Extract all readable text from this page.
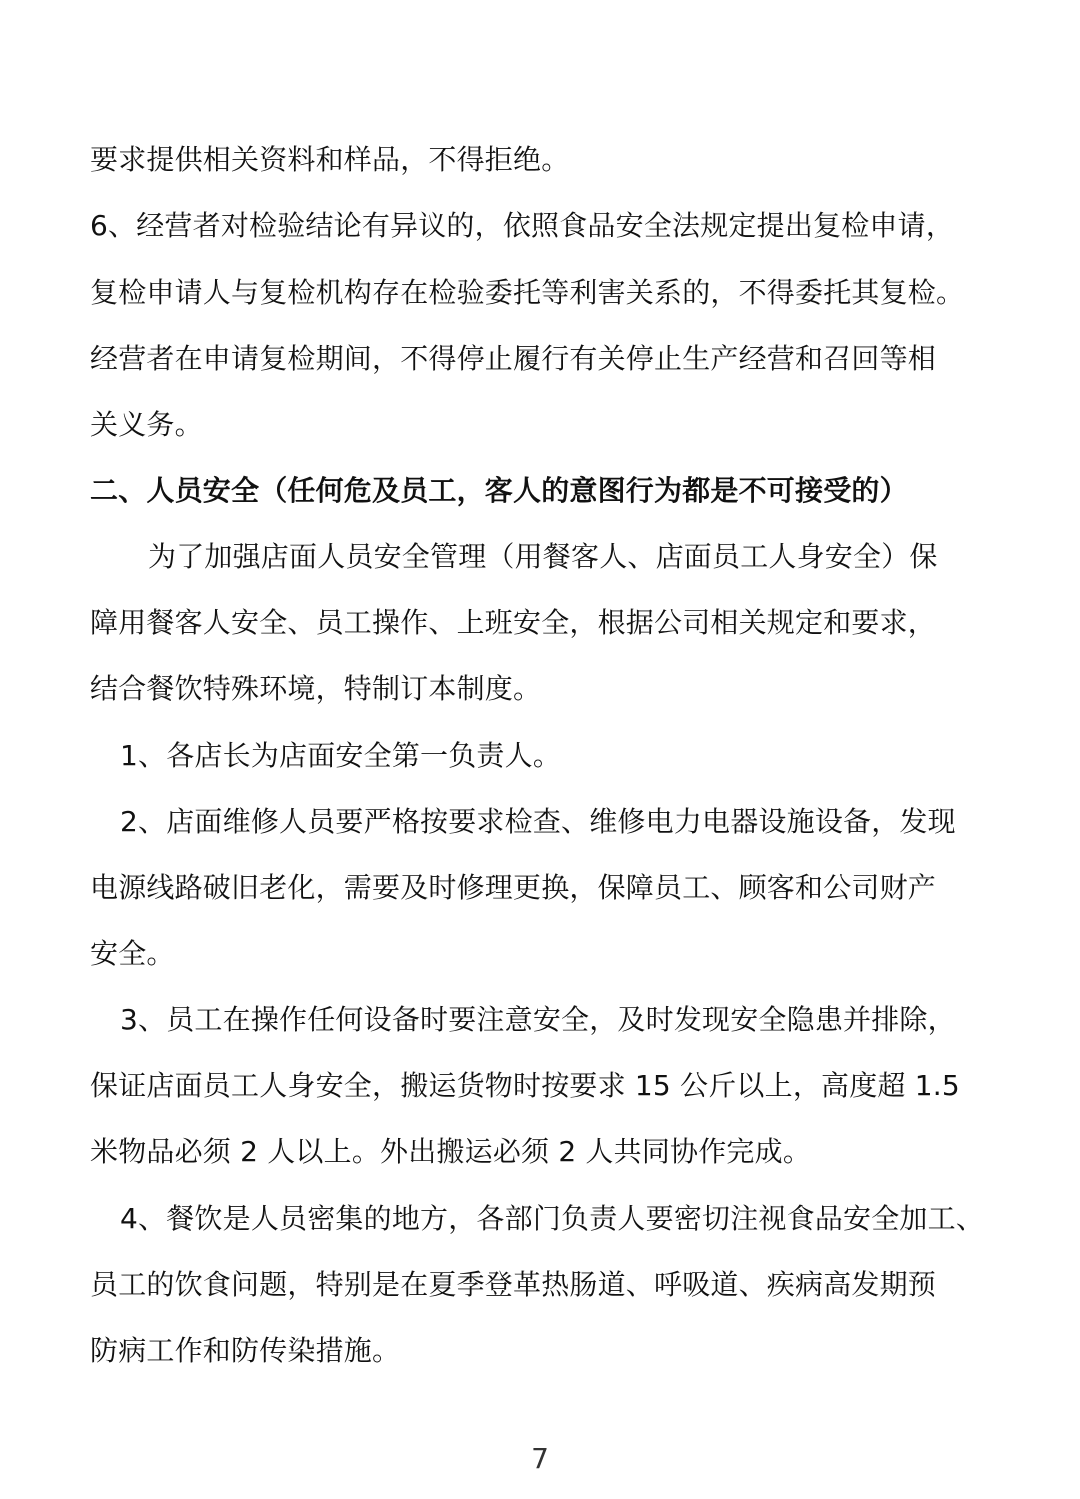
要求提供相关资料和样品，不得拒绝。
6、经营者对检验结论有异议的，依照食品安全法规定提出复检申请，
复检申请人与复检机构存在检验委托等利害关系的，不得委托其复检。
经营者在申请复检期间，不得停止履行有关停止生产经营和召回等相
关义务。
二、人员安全（任何危及员工，客人的意图行为都是不可接受的）
为了加强店面人员安全管理（用餐客人、店面员工人身安全）保
障用餐客人安全、员工操作、上班安全，根据公司相关规定和要求，
结合餐饮特殊环境，特制订本制度。
1、各店长为店面安全第一负责人。
2、店面维修人员要严格按要求检查、维修电力电器设施设备，发现
电源线路破旧老化，需要及时修理更换，保障员工、顾客和公司财产
安全。
3、员工在操作任何设备时要注意安全，及时发现安全隐患并排除，
保证店面员工人身安全，搬运货物时按要求 15 公斤以上，高度超 1.5
米物品必须 2 人以上。外出搬运必须 2 人共同协作完成。
4、餐饮是人员密集的地方，各部门负责人要密切注视食品安全加工、
员工的饮食问题，特别是在夏季登革热肠道、呼吸道、疾病高发期预
防病工作和防传染措施。
7
